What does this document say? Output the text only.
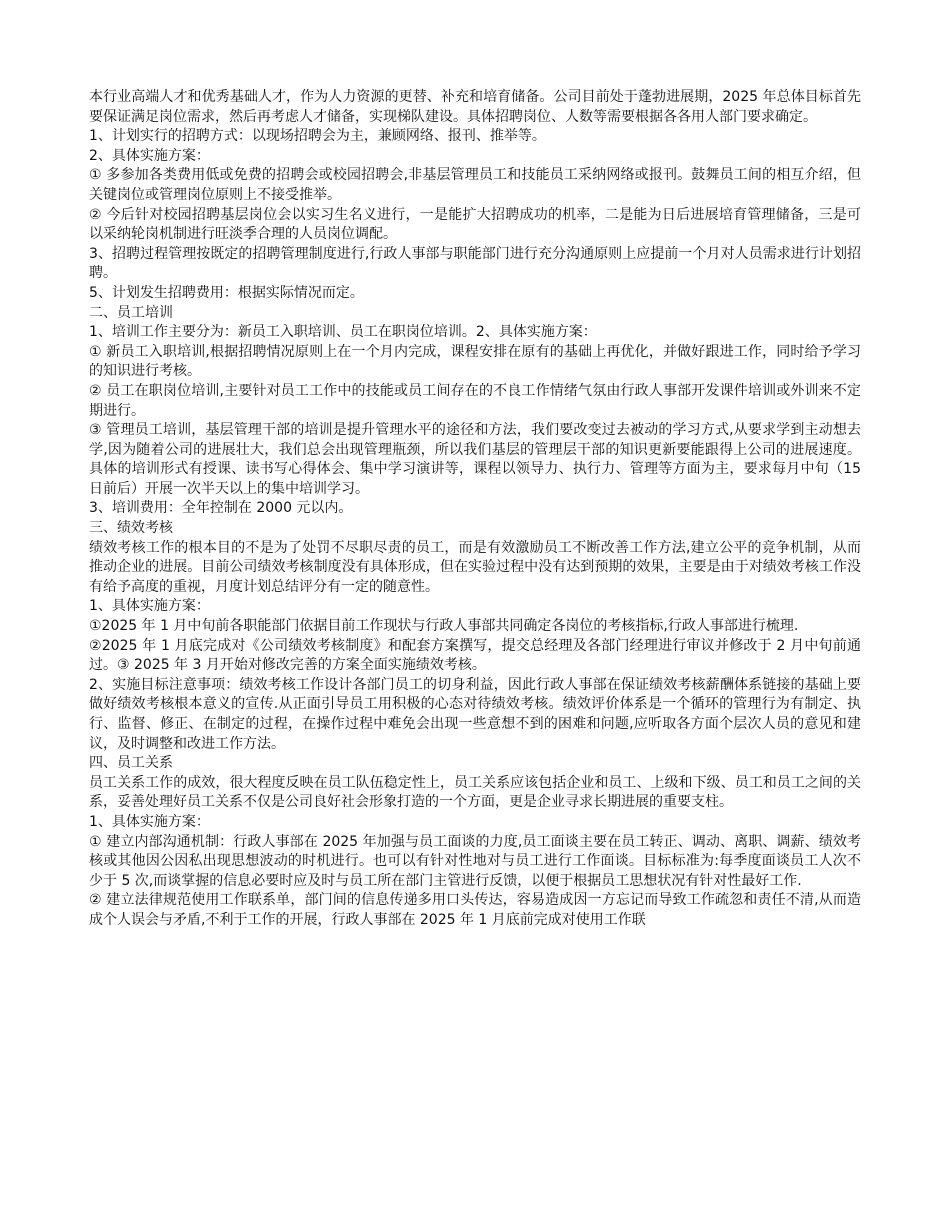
本行业高端人才和优秀基础人才，作为人力资源的更替、补充和培育储备。公司目前处于蓬勃进展期，2025 年总体目标首先要保证满足岗位需求，然后再考虑人才储备，实现梯队建设。具体招聘岗位、人数等需要根据各各用人部门要求确定。

1、计划实行的招聘方式：以现场招聘会为主，兼顾网络、报刊、推举等。

2、具体实施方案：

① 多参加各类费用低或免费的招聘会或校园招聘会,非基层管理员工和技能员工采纳网络或报刊。鼓舞员工间的相互介绍，但关键岗位或管理岗位原则上不接受推举。

② 今后针对校园招聘基层岗位会以实习生名义进行，一是能扩大招聘成功的机率，二是能为日后进展培育管理储备，三是可以采纳轮岗机制进行旺淡季合理的人员岗位调配。

3、招聘过程管理按既定的招聘管理制度进行,行政人事部与职能部门进行充分沟通原则上应提前一个月对人员需求进行计划招聘。

5、计划发生招聘费用：根据实际情况而定。

二、员工培训

1、培训工作主要分为：新员工入职培训、员工在职岗位培训。2、具体实施方案：

① 新员工入职培训,根据招聘情况原则上在一个月内完成，课程安排在原有的基础上再优化，并做好跟进工作，同时给予学习的知识进行考核。

② 员工在职岗位培训,主要针对员工工作中的技能或员工间存在的不良工作情绪气氛由行政人事部开发课件培训或外训来不定期进行。

③ 管理员工培训，基层管理干部的培训是提升管理水平的途径和方法，我们要改变过去被动的学习方式,从要求学到主动想去学,因为随着公司的进展壮大，我们总会出现管理瓶颈，所以我们基层的管理层干部的知识更新要能跟得上公司的进展速度。具体的培训形式有授课、读书写心得体会、集中学习演讲等，课程以领导力、执行力、管理等方面为主，要求每月中旬（15 日前后）开展一次半天以上的集中培训学习。

3、培训费用：全年控制在 2000 元以内。

三、绩效考核

绩效考核工作的根本目的不是为了处罚不尽职尽责的员工，而是有效激励员工不断改善工作方法,建立公平的竞争机制，从而推动企业的进展。目前公司绩效考核制度没有具体形成，但在实验过程中没有达到预期的效果，主要是由于对绩效考核工作没有给予高度的重视，月度计划总结评分有一定的随意性。

1、具体实施方案：

①2025 年 1 月中旬前各职能部门依据目前工作现状与行政人事部共同确定各岗位的考核指标,行政人事部进行梳理.

②2025 年 1 月底完成对《公司绩效考核制度》和配套方案撰写，提交总经理及各部门经理进行审议并修改于 2 月中旬前通过。③ 2025 年 3 月开始对修改完善的方案全面实施绩效考核。

2、实施目标注意事项：绩效考核工作设计各部门员工的切身利益，因此行政人事部在保证绩效考核薪酬体系链接的基础上要做好绩效考核根本意义的宣传.从正面引导员工用积极的心态对待绩效考核。绩效评价体系是一个循环的管理行为有制定、执行、监督、修正、在制定的过程，在操作过程中难免会出现一些意想不到的困难和问题,应听取各方面个层次人员的意见和建议，及时调整和改进工作方法。

四、员工关系

员工关系工作的成效，很大程度反映在员工队伍稳定性上，员工关系应该包括企业和员工、上级和下级、员工和员工之间的关系，妥善处理好员工关系不仅是公司良好社会形象打造的一个方面，更是企业寻求长期进展的重要支柱。

1、具体实施方案：

① 建立内部沟通机制：行政人事部在 2025 年加强与员工面谈的力度,员工面谈主要在员工转正、调动、离职、调薪、绩效考核或其他因公因私出现思想波动的时机进行。也可以有针对性地对与员工进行工作面谈。目标标准为:每季度面谈员工人次不少于 5 次,而谈掌握的信息必要时应及时与员工所在部门主管进行反馈，以便于根据员工思想状况有针对性最好工作.

② 建立法律规范使用工作联系单，部门间的信息传递多用口头传达，容易造成因一方忘记而导致工作疏忽和责任不清,从而造成个人误会与矛盾,不利于工作的开展，行政人事部在 2025 年 1 月底前完成对使用工作联
